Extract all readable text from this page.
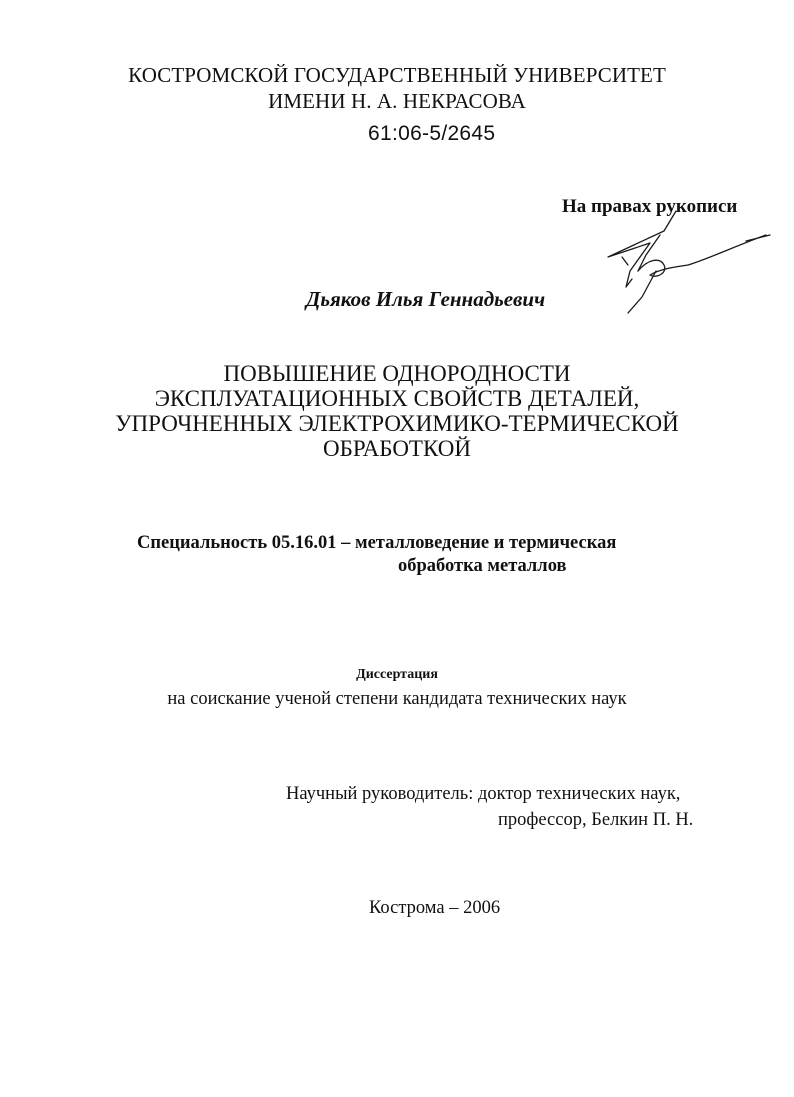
КОСТРОМСКОЙ ГОСУДАРСТВЕННЫЙ УНИВЕРСИТЕТ
ИМЕНИ Н. А. НЕКРАСОВА
61:06-5/2645
На правах рукописи
Дьяков Илья Геннадьевич
ПОВЫШЕНИЕ ОДНОРОДНОСТИ
ЭКСПЛУАТАЦИОННЫХ СВОЙСТВ ДЕТАЛЕЙ,
УПРОЧНЕННЫХ ЭЛЕКТРОХИМИКО-ТЕРМИЧЕСКОЙ
ОБРАБОТКОЙ
Специальность 05.16.01 – металловедение и термическая
обработка металлов
Диссертация
на соискание ученой степени кандидата технических наук
Научный руководитель: доктор технических наук,
профессор, Белкин П. Н.
Кострома – 2006
